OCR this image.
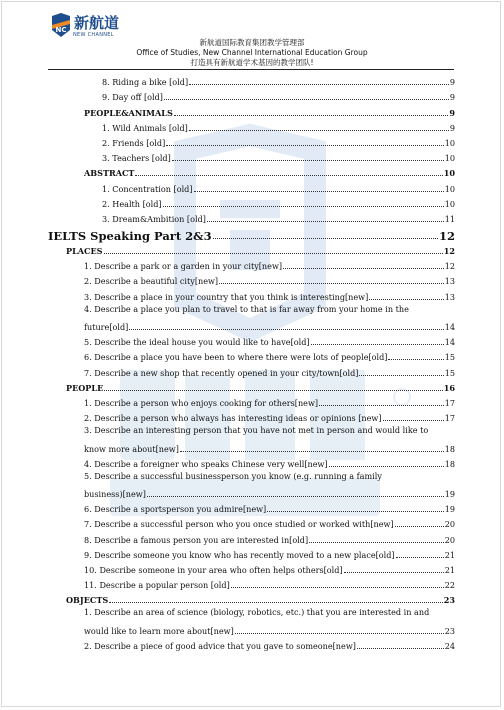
NC 新航道
NEW CHANNEL
新航道国际教育集团教学管理部
Office of Studies, New Channel International Education Group
打造具有新航道学术基因的教学团队!
8. Riding a bike [old]	9
9. Day off [old]	9
PEOPLE&ANIMALS	9
1. Wild Animals [old]	9
2. Friends [old]	10
3. Teachers [old]	10
ABSTRACT	10
1. Concentration [old]	10
2. Health [old]	10
3. Dream&Ambition [old]	11
IELTS Speaking Part 2&3	12
PLACES	12
1. Describe a park or a garden in your city[new]	12
2. Describe a beautiful city[new]	13
3. Describe a place in your country that you think is interesting[new]	13
4. Describe a place you plan to travel to that is far away from your home in the
future[old]	14
5. Describe the ideal house you would like to have[old]	14
6. Describe a place you have been to where there were lots of people[old]	15
7. Describe a new shop that recently opened in your city/town[old]	15
PEOPLE	16
1. Describe a person who enjoys cooking for others[new]	17
2. Describe a person who always has interesting ideas or opinions [new]	17
3. Describe an interesting person that you have not met in person and would like to
know more about[new]	18
4. Describe a foreigner who speaks Chinese very well[new]	18
5. Describe a successful businessperson you know (e.g. running a family
business)[new]	19
6. Describe a sportsperson you admire[new]	19
7. Describe a successful person who you once studied or worked with[new]	20
8. Describe a famous person you are interested in[old]	20
9. Describe someone you know who has recently moved to a new place[old]	21
10. Describe someone in your area who often helps others[old]	21
11. Describe a popular person [old]	22
OBJECTS	23
1. Describe an area of science (biology, robotics, etc.) that you are interested in and
would like to learn more about[new]	23
2. Describe a piece of good advice that you gave to someone[new]	24
